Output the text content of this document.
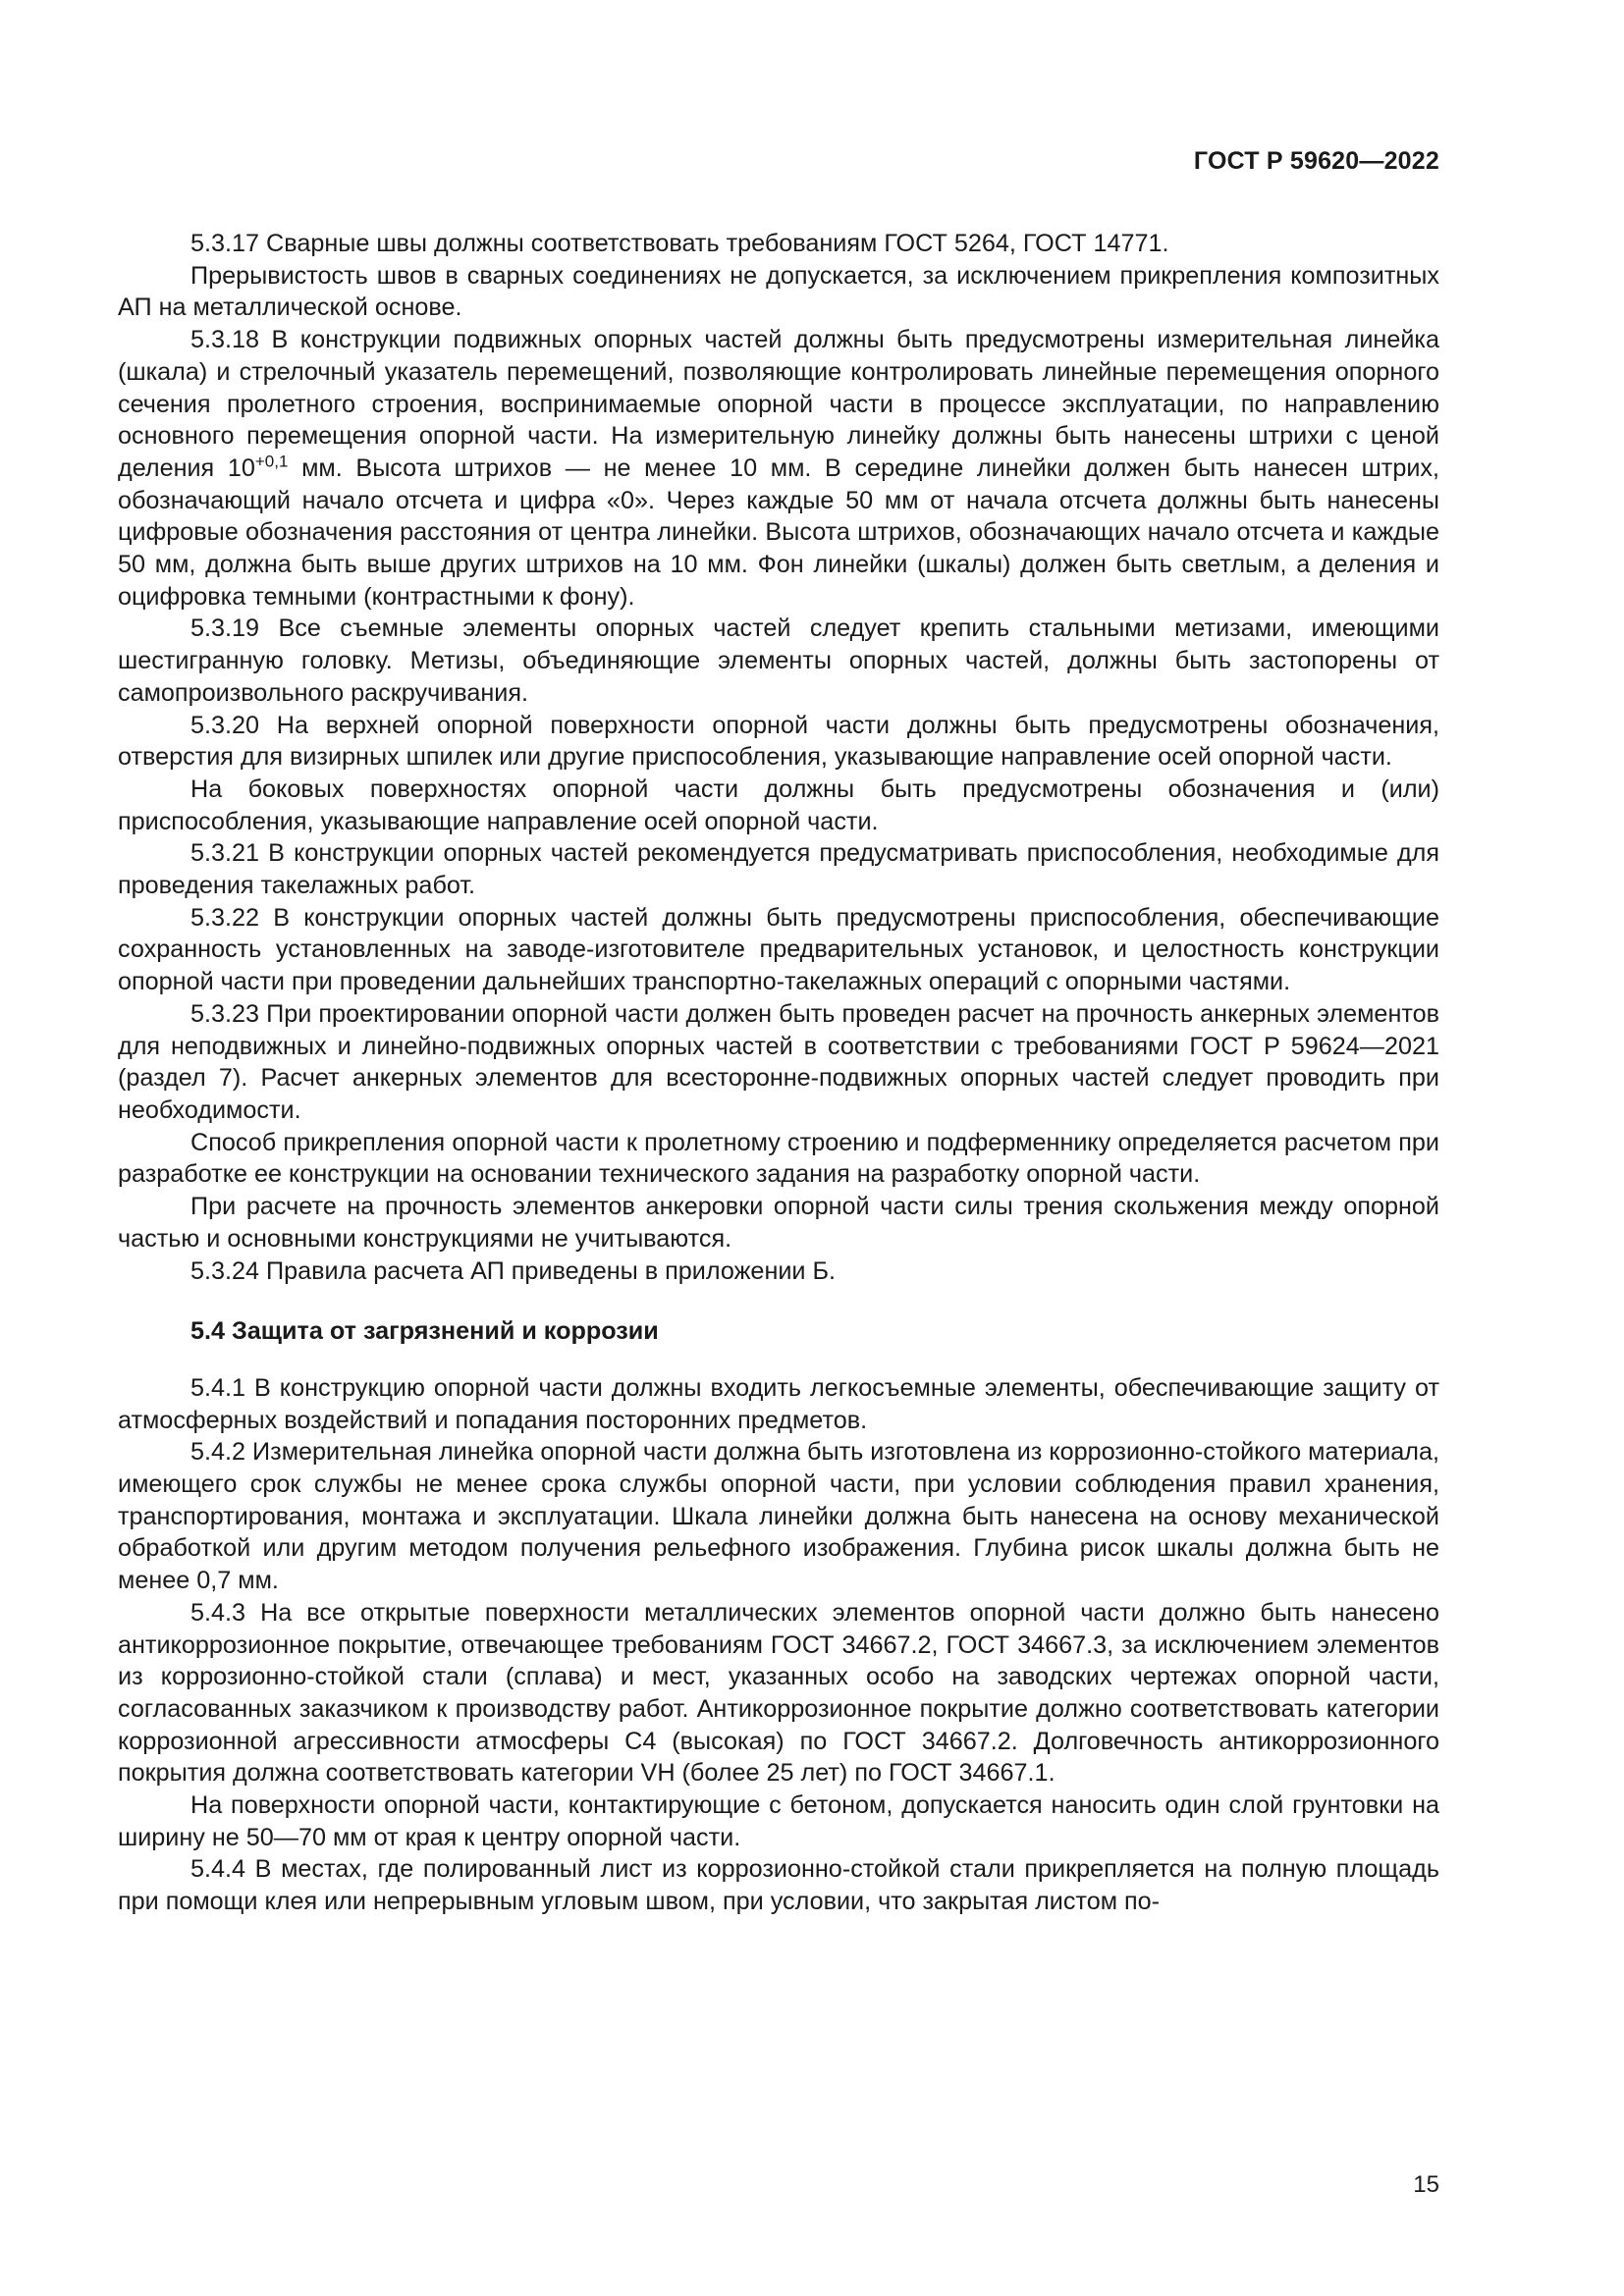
ГОСТ Р 59620—2022

5.3.17 Сварные швы должны соответствовать требованиям ГОСТ 5264, ГОСТ 14771.

Прерывистость швов в сварных соединениях не допускается, за исключением прикрепления композитных АП на металлической основе.

5.3.18 В конструкции подвижных опорных частей должны быть предусмотрены измерительная линейка (шкала) и стрелочный указатель перемещений, позволяющие контролировать линейные перемещения опорного сечения пролетного строения, воспринимаемые опорной части в процессе эксплуатации, по направлению основного перемещения опорной части. На измерительную линейку должны быть нанесены штрихи с ценой деления $10^{+0,1}$ мм. Высота штрихов — не менее 10 мм. В середине линейки должен быть нанесен штрих, обозначающий начало отсчета и цифра «0». Через каждые 50 мм от начала отсчета должны быть нанесены цифровые обозначения расстояния от центра линейки. Высота штрихов, обозначающих начало отсчета и каждые 50 мм, должна быть выше других штрихов на 10 мм. Фон линейки (шкалы) должен быть светлым, а деления и оцифровка темными (контрастными к фону).

5.3.19 Все съемные элементы опорных частей следует крепить стальными метизами, имеющими шестигранную головку. Метизы, объединяющие элементы опорных частей, должны быть застопорены от самопроизвольного раскручивания.

5.3.20 На верхней опорной поверхности опорной части должны быть предусмотрены обозначения, отверстия для визирных шпилек или другие приспособления, указывающие направление осей опорной части.

На боковых поверхностях опорной части должны быть предусмотрены обозначения и (или) приспособления, указывающие направление осей опорной части.

5.3.21 В конструкции опорных частей рекомендуется предусматривать приспособления, необходимые для проведения такелажных работ.

5.3.22 В конструкции опорных частей должны быть предусмотрены приспособления, обеспечивающие сохранность установленных на заводе-изготовителе предварительных установок, и целостность конструкции опорной части при проведении дальнейших транспортно-такелажных операций с опорными частями.

5.3.23 При проектировании опорной части должен быть проведен расчет на прочность анкерных элементов для неподвижных и линейно-подвижных опорных частей в соответствии с требованиями ГОСТ Р 59624—2021 (раздел 7). Расчет анкерных элементов для всесторонне-подвижных опорных частей следует проводить при необходимости.

Способ прикрепления опорной части к пролетному строению и подферменнику определяется расчетом при разработке ее конструкции на основании технического задания на разработку опорной части.

При расчете на прочность элементов анкеровки опорной части силы трения скольжения между опорной частью и основными конструкциями не учитываются.

5.3.24 Правила расчета АП приведены в приложении Б.

5.4 Защита от загрязнений и коррозии

5.4.1 В конструкцию опорной части должны входить легкосъемные элементы, обеспечивающие защиту от атмосферных воздействий и попадания посторонних предметов.

5.4.2 Измерительная линейка опорной части должна быть изготовлена из коррозионно-стойкого материала, имеющего срок службы не менее срока службы опорной части, при условии соблюдения правил хранения, транспортирования, монтажа и эксплуатации. Шкала линейки должна быть нанесена на основу механической обработкой или другим методом получения рельефного изображения. Глубина рисок шкалы должна быть не менее 0,7 мм.

5.4.3 На все открытые поверхности металлических элементов опорной части должно быть нанесено антикоррозионное покрытие, отвечающее требованиям ГОСТ 34667.2, ГОСТ 34667.3, за исключением элементов из коррозионно-стойкой стали (сплава) и мест, указанных особо на заводских чертежах опорной части, согласованных заказчиком к производству работ. Антикоррозионное покрытие должно соответствовать категории коррозионной агрессивности атмосферы С4 (высокая) по ГОСТ 34667.2. Долговечность антикоррозионного покрытия должна соответствовать категории VH (более 25 лет) по ГОСТ 34667.1.

На поверхности опорной части, контактирующие с бетоном, допускается наносить один слой грунтовки на ширину не 50—70 мм от края к центру опорной части.

5.4.4 В местах, где полированный лист из коррозионно-стойкой стали прикрепляется на полную площадь при помощи клея или непрерывным угловым швом, при условии, что закрытая листом по-

15
